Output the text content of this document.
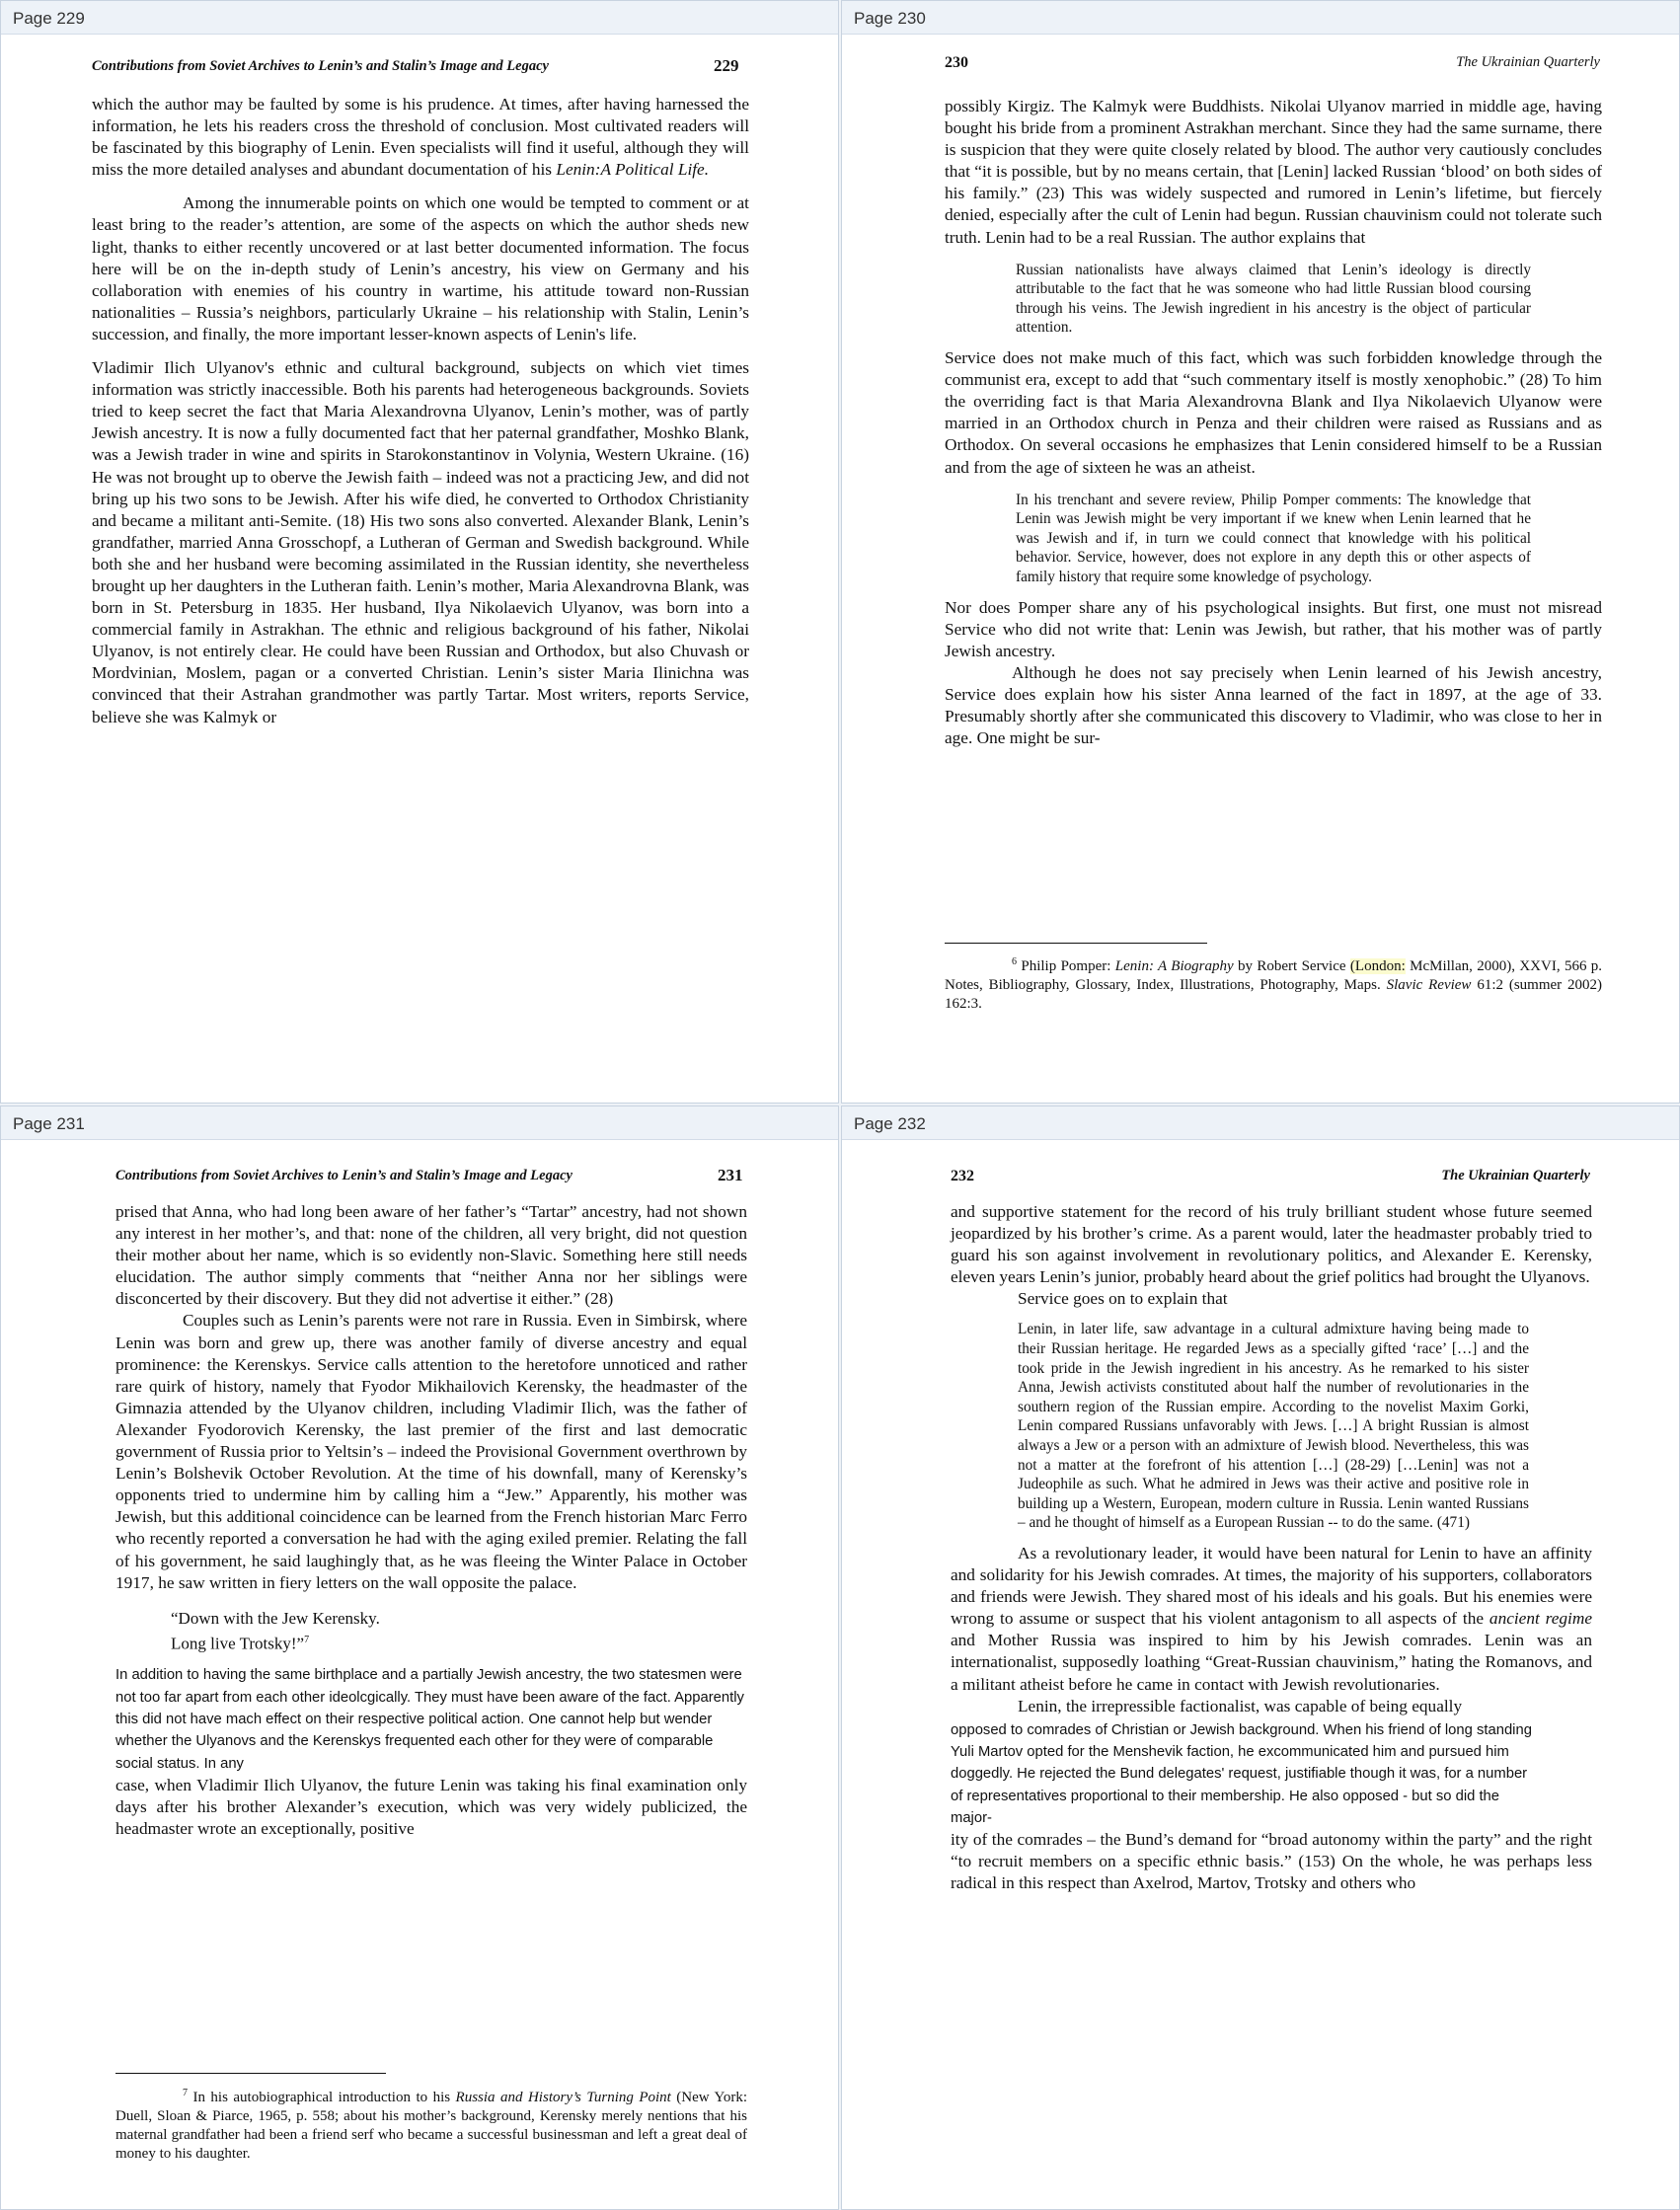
Page 229
Contributions from Soviet Archives to Lenin’s and Stalin’s Image and Legacy	229

which the author may be faulted by some is his prudence. At times, after having harnessed the information, he lets his readers cross the threshold of conclusion. Most cultivated readers will be fascinated by this biography of Lenin. Even specialists will find it useful, although they will miss the more detailed analyses and abundant documentation of his Lenin:A Political Life.

Among the innumerable points on which one would be tempted to comment or at least bring to the reader’s attention, are some of the aspects on which the author sheds new light, thanks to either recently uncovered or at last better documented information. The focus here will be on the in-depth study of Lenin’s ancestry, his view on Germany and his collaboration with enemies of his country in wartime, his attitude toward non-Russian nationalities – Russia’s neighbors, particularly Ukraine – his relationship with Stalin, Lenin’s succession, and finally, the more important lesser-known aspects of Lenin's life.

Vladimir Ilich Ulyanov's ethnic and cultural background, subjects on which viet times information was strictly inaccessible. Both his parents had heterogeneous backgrounds. Soviets tried to keep secret the fact that Maria Alexandrovna Ulyanov, Lenin’s mother, was of partly Jewish ancestry. It is now a fully documented fact that her paternal grandfather, Moshko Blank, was a Jewish trader in wine and spirits in Starokonstantinov in Volynia, Western Ukraine. (16) He was not brought up to oberve the Jewish faith – indeed was not a practicing Jew, and did not bring up his two sons to be Jewish. After his wife died, he converted to Orthodox Christianity and became a militant anti-Semite. (18) His two sons also converted. Alexander Blank, Lenin’s grandfather, married Anna Grosschopf, a Lutheran of German and Swedish background. While both she and her husband were becoming assimilated in the Russian identity, she nevertheless brought up her daughters in the Lutheran faith. Lenin’s mother, Maria Alexandrovna Blank, was born in St. Petersburg in 1835. Her husband, Ilya Nikolaevich Ulyanov, was born into a commercial family in Astrakhan. The ethnic and religious background of his father, Nikolai Ulyanov, is not entirely clear. He could have been Russian and Orthodox, but also Chuvash or Mordvinian, Moslem, pagan or a converted Christian. Lenin’s sister Maria Ilinichna was convinced that their Astrahan grandmother was partly Tartar. Most writers, reports Service, believe she was Kalmyk or

Page 230
230	The Ukrainian Quarterly

possibly Kirgiz. The Kalmyk were Buddhists. Nikolai Ulyanov married in middle age, having bought his bride from a prominent Astrakhan merchant. Since they had the same surname, there is suspicion that they were quite closely related by blood. The author very cautiously concludes that “it is possible, but by no means certain, that [Lenin] lacked Russian ‘blood’ on both sides of his family.” (23) This was widely suspected and rumored in Lenin’s lifetime, but fiercely denied, especially after the cult of Lenin had begun. Russian chauvinism could not tolerate such truth. Lenin had to be a real Russian. The author explains that

Russian nationalists have always claimed that Lenin’s ideology is directly attributable to the fact that he was someone who had little Russian blood coursing through his veins. The Jewish ingredient in his ancestry is the object of particular attention.

Service does not make much of this fact, which was such forbidden knowledge through the communist era, except to add that “such commentary itself is mostly xenophobic.” (28) To him the overriding fact is that Maria Alexandrovna Blank and Ilya Nikolaevich Ulyanow were married in an Orthodox church in Penza and their children were raised as Russians and as Orthodox. On several occasions he emphasizes that Lenin considered himself to be a Russian and from the age of sixteen he was an atheist.

In his trenchant and severe review, Philip Pomper comments: The knowledge that Lenin was Jewish might be very important if we knew when Lenin learned that he was Jewish and if, in turn we could connect that knowledge with his political behavior. Service, however, does not explore in any depth this or other aspects of family history that require some knowledge of psychology.

Nor does Pomper share any of his psychological insights. But first, one must not misread Service who did not write that: Lenin was Jewish, but rather, that his mother was of partly Jewish ancestry.

Although he does not say precisely when Lenin learned of his Jewish ancestry, Service does explain how his sister Anna learned of the fact in 1897, at the age of 33. Presumably shortly after she communicated this discovery to Vladimir, who was close to her in age. One might be sur-

$^6$ Philip Pomper: Lenin: A Biography by Robert Service (London: McMillan, 2000), XXVI, 566 p. Notes, Bibliography, Glossary, Index, Illustrations, Photography, Maps. Slavic Review 61:2 (summer 2002) 162:3.
Page 231
Contributions from Soviet Archives to Lenin’s and Stalin’s Image and Legacy	231

prised that Anna, who had long been aware of her father’s “Tartar” ancestry, had not shown any interest in her mother’s, and that: none of the children, all very bright, did not question their mother about her name, which is so evidently non-Slavic. Something here still needs elucidation. The author simply comments that “neither Anna nor her siblings were disconcerted by their discovery. But they did not advertise it either.” (28)

Couples such as Lenin’s parents were not rare in Russia. Even in Simbirsk, where Lenin was born and grew up, there was another family of diverse ancestry and equal prominence: the Kerenskys. Service calls attention to the heretofore unnoticed and rather rare quirk of history, namely that Fyodor Mikhailovich Kerensky, the headmaster of the Gimnazia attended by the Ulyanov children, including Vladimir Ilich, was the father of Alexander Fyodorovich Kerensky, the last premier of the first and last democratic government of Russia prior to Yeltsin’s – indeed the Provisional Government overthrown by Lenin’s Bolshevik October Revolution. At the time of his downfall, many of Kerensky’s opponents tried to undermine him by calling him a “Jew.” Apparently, his mother was Jewish, but this additional coincidence can be learned from the French historian Marc Ferro who recently reported a conversation he had with the aging exiled premier. Relating the fall of his government, he said laughingly that, as he was fleeing the Winter Palace in October 1917, he saw written in fiery letters on the wall opposite the palace.

“Down with the Jew Kerensky.
Long live Trotsky!”$^7$

In addition to having the same birthplace and a partially Jewish ancestry, the two statesmen were not too far apart from each other ideolcgically. They must have been aware of the fact. Apparently this did not have mach effect on their respective political action. One cannot help but wender whether the Ulyanovs and the Kerenskys frequented each other for they were of comparable social status. In any

case, when Vladimir Ilich Ulyanov, the future Lenin was taking his final examination only days after his brother Alexander’s execution, which was very widely publicized, the headmaster wrote an exceptionally, positive

$^7$ In his autobiographical introduction to his Russia and History’s Turning Point (New York: Duell, Sloan & Piarce, 1965, p. 558; about his mother’s background, Kerensky merely nentions that his maternal grandfather had been a friend serf who became a successful businessman and left a great deal of money to his daughter.
Page 232
232	The Ukrainian Quarterly

and supportive statement for the record of his truly brilliant student whose future seemed jeopardized by his brother’s crime. As a parent would, later the headmaster probably tried to guard his son against involvement in revolutionary politics, and Alexander E. Kerensky, eleven years Lenin’s junior, probably heard about the grief politics had brought the Ulyanovs.

Service goes on to explain that

Lenin, in later life, saw advantage in a cultural admixture having being made to their Russian heritage. He regarded Jews as a specially gifted ‘race’ […] and the took pride in the Jewish ingredient in his ancestry. As he remarked to his sister Anna, Jewish activists constituted about half the number of revolutionaries in the southern region of the Russian empire. According to the novelist Maxim Gorki, Lenin compared Russians unfavorably with Jews. […] A bright Russian is almost always a Jew or a person with an admixture of Jewish blood. Nevertheless, this was not a matter at the forefront of his attention […] (28-29) […Lenin] was not a Judeophile as such. What he admired in Jews was their active and positive role in building up a Western, European, modern culture in Russia. Lenin wanted Russians – and he thought of himself as a European Russian -- to do the same. (471)

As a revolutionary leader, it would have been natural for Lenin to have an affinity and solidarity for his Jewish comrades. At times, the majority of his supporters, collaborators and friends were Jewish. They shared most of his ideals and his goals. But his enemies were wrong to assume or suspect that his violent antagonism to all aspects of the ancient regime and Mother Russia was inspired to him by his Jewish comrades. Lenin was an internationalist, supposedly loathing “Great-Russian chauvinism,” hating the Romanovs, and a militant atheist before he came in contact with Jewish revolutionaries.

Lenin, the irrepressible factionalist, was capable of being equally

opposed to comrades of Christian or Jewish background. When his friend of long standing Yuli Martov opted for the Menshevik faction, he excommunicated him and pursued him doggedly. He rejected the Bund delegates' request, justifiable though it was, for a number of representatives proportional to their membership. He also opposed - but so did the major-

ity of the comrades – the Bund’s demand for “broad autonomy within the party” and the right “to recruit members on a specific ethnic basis.” (153) On the whole, he was perhaps less radical in this respect than Axelrod, Martov, Trotsky and others who
